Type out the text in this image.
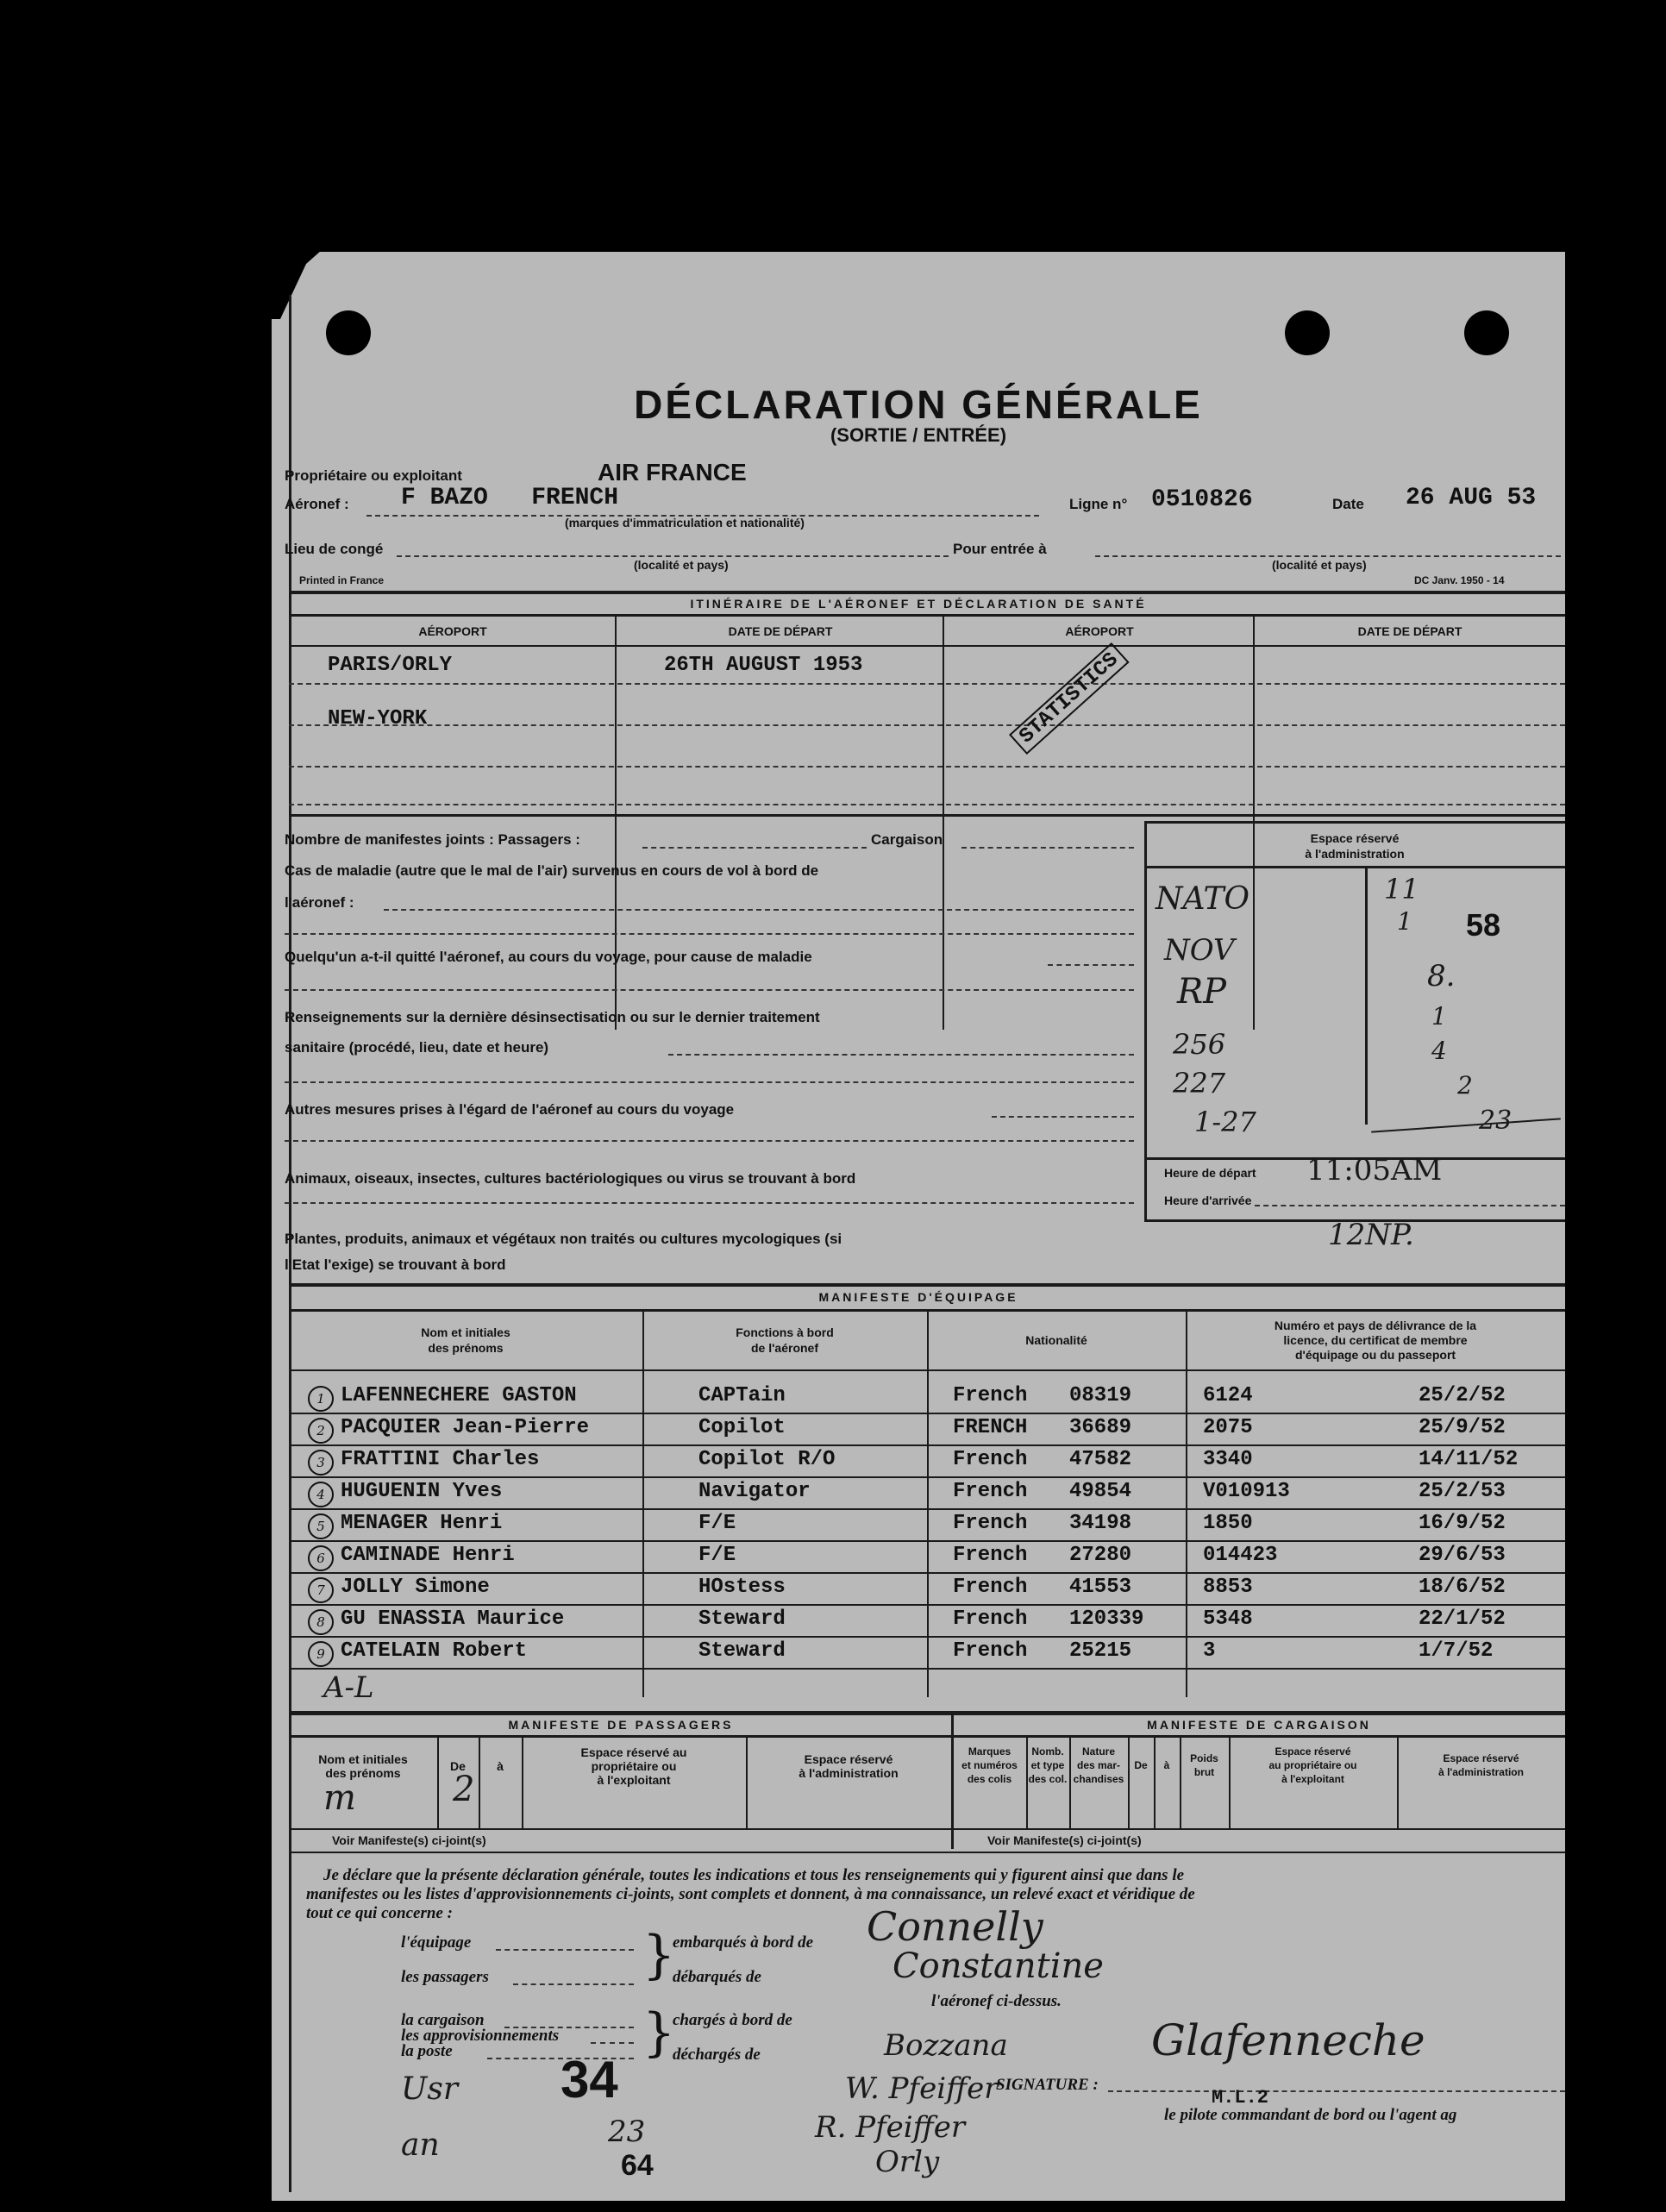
DÉCLARATION GÉNÉRALE
(SORTIE / ENTRÉE)
Propriétaire ou exploitant	AIR FRANCE
Aéronef : F BAZO   FRENCH
(marques d'immatriculation et nationalité)
Ligne n° 0510826	Date 26 AUG 53
Lieu de congé
(localité et pays)
Pour entrée à
(localité et pays)
Printed in France	DC Janv. 1950 - 14
ITINÉRAIRE DE L'AÉRONEF ET DÉCLARATION DE SANTÉ
AÉROPORT	DATE DE DÉPART	AÉROPORT	DATE DE DÉPART
PARIS/ORLY	26TH AUGUST 1953
NEW-YORK	STATISTICS
Nombre de manifestes joints : Passagers :	Cargaison
Cas de maladie (autre que le mal de l'air) survenus en cours de vol à bord de
l'aéronef :
Quelqu'un a-t-il quitté l'aéronef, au cours du voyage, pour cause de maladie
Renseignements sur la dernière désinsectisation ou sur le dernier traitement
sanitaire (procédé, lieu, date et heure)
Autres mesures prises à l'égard de l'aéronef au cours du voyage
Animaux, oiseaux, insectes, cultures bactériologiques ou virus se trouvant à bord
Plantes, produits, animaux et végétaux non traités ou cultures mycologiques (si
l'Etat l'exige) se trouvant à bord
Espace réservé
à l'administration
NATO
NOV
RP
256
227
1-27
11
1 58
8.
1
4
2
23
Heure de départ 11:05AM
Heure d'arrivée
12NP.
MANIFESTE D'ÉQUIPAGE
Nom et initiales
des prénoms
Fonctions à bord
de l'aéronef
Nationalité
Numéro et pays de délivrance de la
licence, du certificat de membre
d'équipage ou du passeport
1 LAFENNECHERE GASTON	CAPTain	French 08319	6124	25/2/52
2 PACQUIER Jean-Pierre	Copilot	FRENCH 36689	2075	25/9/52
3 FRATTINI Charles	Copilot R/O	French 47582	3340	14/11/52
4 HUGUENIN Yves	Navigator	French 49854	V010913	25/2/53
5 MENAGER Henri	F/E	French 34198	1850	16/9/52
6 CAMINADE Henri	F/E	French 27280	014423	29/6/53
7 JOLLY Simone	HOstess	French 41553	8853	18/6/52
8 GU ENASSIA Maurice	Steward	French 120339	5348	22/1/52
9 CATELAIN Robert	Steward	French 25215	3	1/7/52
A-L
MANIFESTE DE PASSAGERS	MANIFESTE DE CARGAISON
Nom et initiales
des prénoms	De	à
Espace réservé au
propriétaire ou
à l'exploitant
Espace réservé
à l'administration
m	2
Voir Manifeste(s) ci-joint(s)
Marques
et numéros
des colis
Nomb.
et type
des col.
Nature
des mar-
chandises
De	à
Poids
brut
Espace réservé
au propriétaire ou
à l'exploitant
Espace réservé
à l'administration
Voir Manifeste(s) ci-joint(s)
Je déclare que la présente déclaration générale, toutes les indications et tous les renseignements qui y figurent ainsi que dans le
manifestes ou les listes d'approvisionnements ci-joints, sont complets et donnent, à ma connaissance, un relevé exact et véridique de
tout ce qui concerne :
l'équipage
les passagers
la cargaison
les approvisionnements
la poste
}
}
embarqués à bord de
débarqués de
chargés à bord de
déchargés de
l'aéronef ci-dessus.
Connelly
Constantine
Glafenneche
Bozzana
W. Pfeiffer
R. Pfeiffer
Orly
SIGNATURE :
M.L.2
le pilote commandant de bord ou l'agent ag
34
23
64
Usr
an
